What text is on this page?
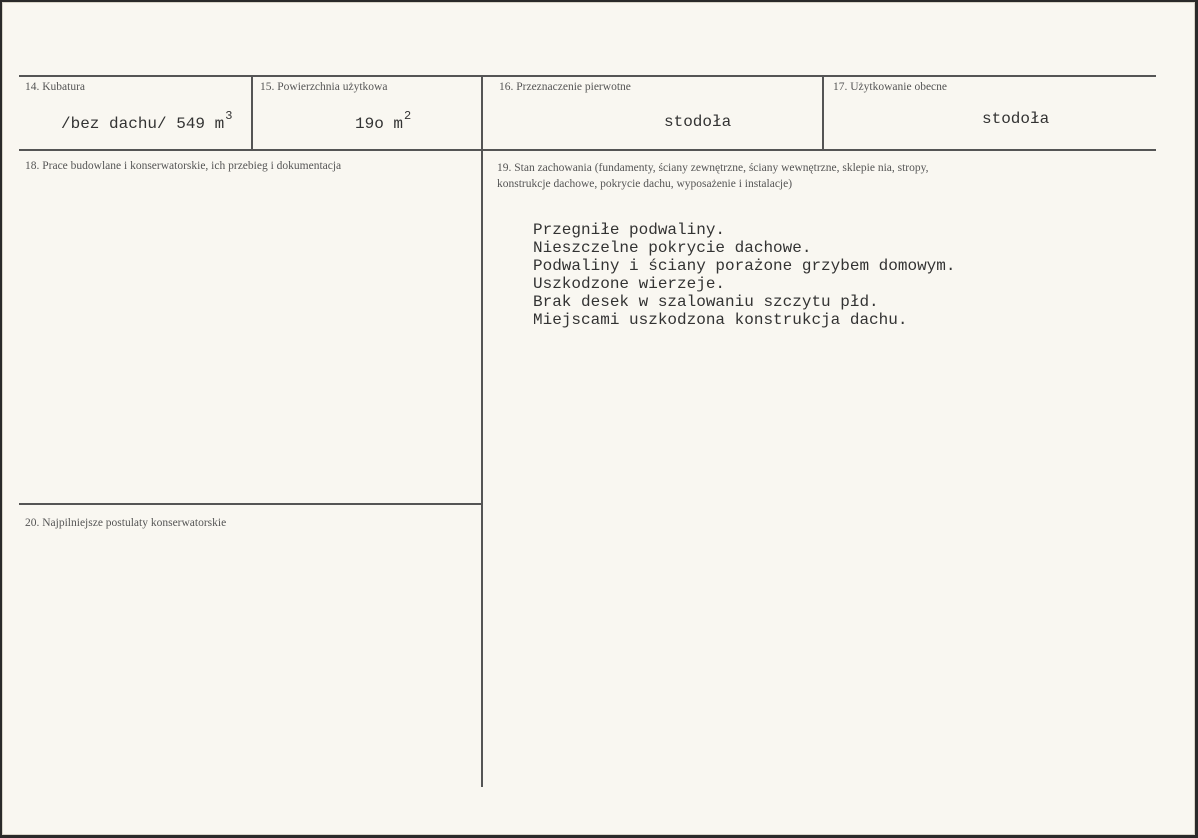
14. Kubatura
/bez dachu/ 549 $m^3$
15. Powierzchnia użytkowa
19o $m^2$
16. Przeznaczenie pierwotne
stodoła
17. Użytkowanie obecne
stodoła
18. Prace budowlane i konserwatorskie, ich przebieg i dokumentacja	19. Stan zachowania (fundamenty, ściany zewnętrzne, ściany wewnętrzne, sklepie nia, stropy,
konstrukcje dachowe, pokrycie dachu, wyposażenie i instalacje)
Przegniłe podwaliny.
Nieszczelne pokrycie dachowe.
Podwaliny i ściany porażone grzybem domowym.
Uszkodzone wierzeje.
Brak desek w szalowaniu szczytu płd.
Miejscami uszkodzona konstrukcja dachu.
20. Najpilniejsze postulaty konserwatorskie
